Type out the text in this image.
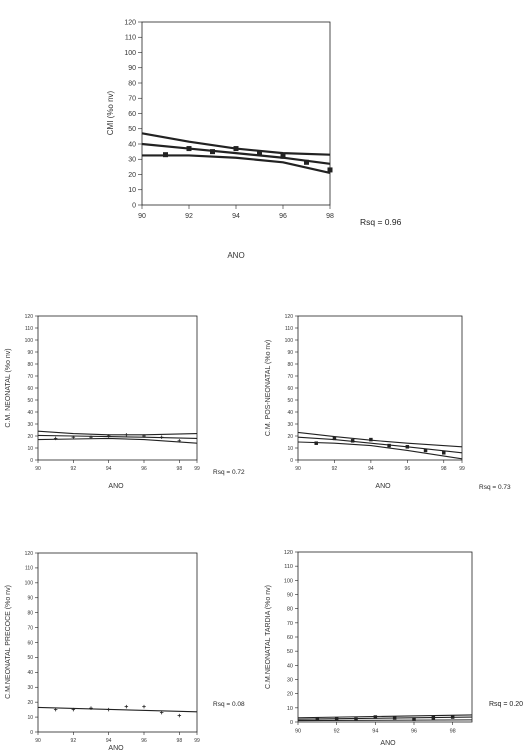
0
10
20
30
40
50
60
70
80
90
100
110
120
90	92	94	96	98
ANO
CMI (%o nv)
Rsq = 0.96
0
10
20
30
40
50
60
70
80
90
100
110
120
90	92	94	96	98 99
ANO
C.M. NEONATAL (%o nv)
Rsq = 0.72
0
10
20
30
40
50
60
70
80
90
100
110
120
90	92	94	96	98	99
ANO
C.M. POS-NEONATAL (%o nv)
Rsq = 0.73
0
10
20
30
40
50
60
70
80
90
100
110
120
90	92	94	96	98 99
ANO
C.M.NEONATAL PRECOCE (%o nv)
Rsq = 0.08
0
10
20
30
40
50
60
70
80
90
100
110
120
90	92	94	96	98
ANO
C.M.NEONATAL TARDIA (%o nv)
Rsq = 0.20
